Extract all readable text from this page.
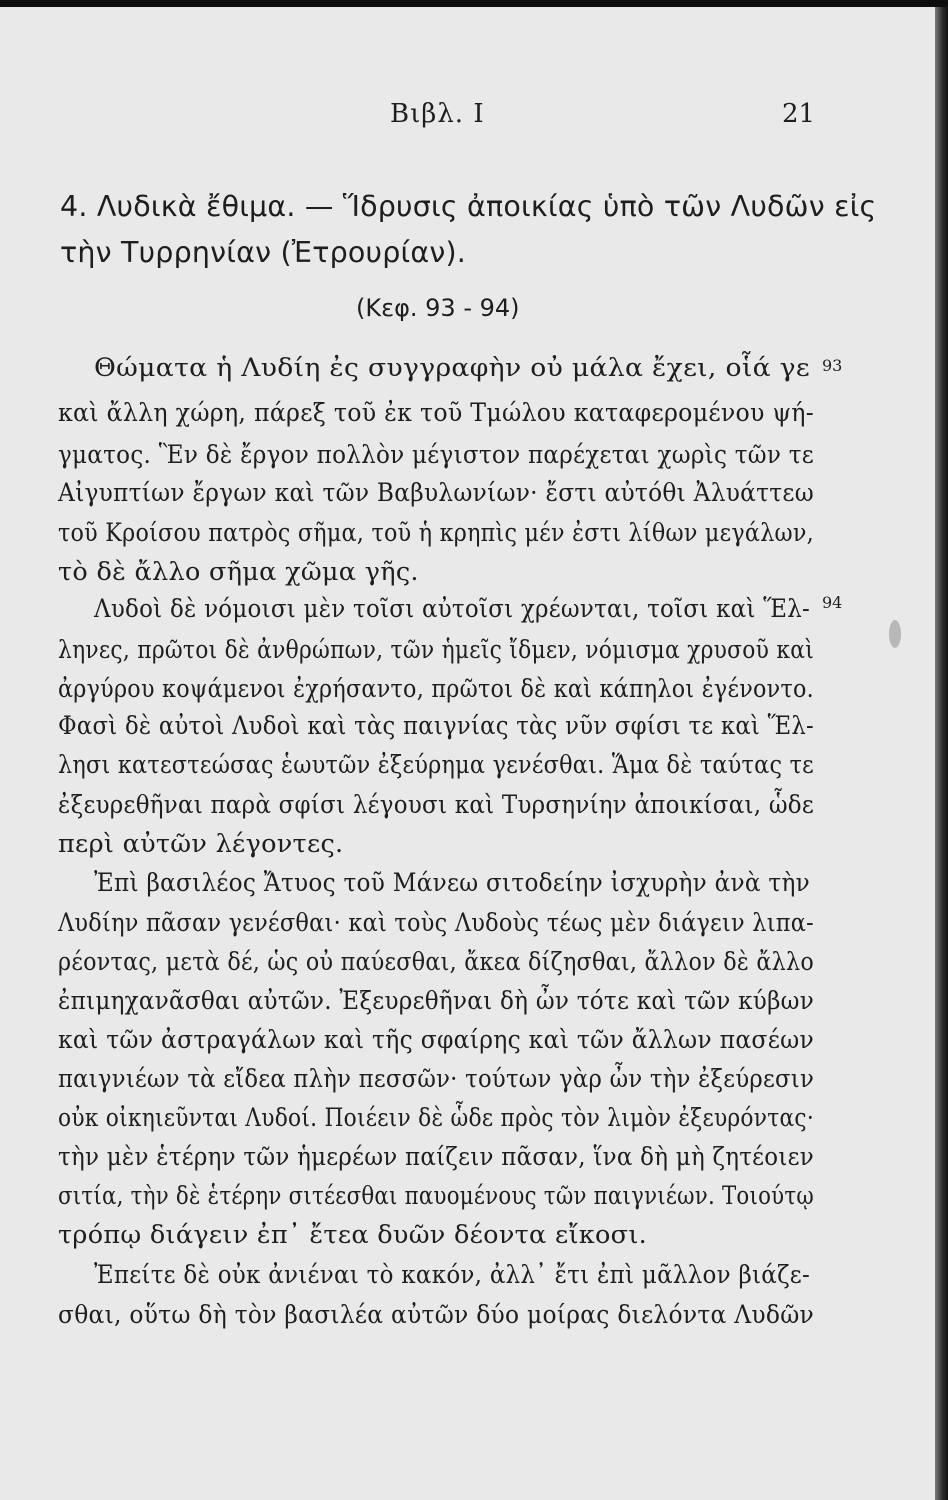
Βιβλ. Ι	21
4. Λυδικὰ ἔθιμα. — Ἵδρυσις ἀποικίας ὑπὸ τῶν Λυδῶν εἰς
τὴν Τυρρηνίαν (Ἐτρουρίαν).
(Κεφ. 93 - 94)
93
94
Θώματα ἡ Λυδίη ἐς συγγραφὴν οὐ μάλα ἔχει, οἷά γε
καὶ ἄλλη χώρη, πάρεξ τοῦ ἐκ τοῦ Τμώλου καταφερομένου ψή-
γματος. Ἓν δὲ ἔργον πολλὸν μέγιστον παρέχεται χωρὶς τῶν τε
Αἰγυπτίων ἔργων καὶ τῶν Βαβυλωνίων· ἔστι αὐτόθι Ἀλυάττεω
τοῦ Κροίσου πατρὸς σῆμα, τοῦ ἡ κρηπὶς μέν ἐστι λίθων μεγάλων,
τὸ δὲ ἄλλο σῆμα χῶμα γῆς.
Λυδοὶ δὲ νόμοισι μὲν τοῖσι αὐτοῖσι χρέωνται, τοῖσι καὶ Ἕλ-
ληνες, πρῶτοι δὲ ἀνθρώπων, τῶν ἡμεῖς ἴδμεν, νόμισμα χρυσοῦ καὶ
ἀργύρου κοψάμενοι ἐχρήσαντο, πρῶτοι δὲ καὶ κάπηλοι ἐγένοντο.
Φασὶ δὲ αὐτοὶ Λυδοὶ καὶ τὰς παιγνίας τὰς νῦν σφίσι τε καὶ Ἕλ-
λησι κατεστεώσας ἑωυτῶν ἐξεύρημα γενέσθαι. Ἅμα δὲ ταύτας τε
ἐξευρεθῆναι παρὰ σφίσι λέγουσι καὶ Τυρσηνίην ἀποικίσαι, ὧδε
περὶ αὐτῶν λέγοντες.
Ἐπὶ βασιλέος Ἄτυος τοῦ Μάνεω σιτοδείην ἰσχυρὴν ἀνὰ τὴν
Λυδίην πᾶσαν γενέσθαι· καὶ τοὺς Λυδοὺς τέως μὲν διάγειν λιπα-
ρέοντας, μετὰ δέ, ὡς οὐ παύεσθαι, ἄκεα δίζησθαι, ἄλλον δὲ ἄλλο
ἐπιμηχανᾶσθαι αὐτῶν. Ἐξευρεθῆναι δὴ ὦν τότε καὶ τῶν κύβων
καὶ τῶν ἀστραγάλων καὶ τῆς σφαίρης καὶ τῶν ἄλλων πασέων
παιγνιέων τὰ εἴδεα πλὴν πεσσῶν· τούτων γὰρ ὦν τὴν ἐξεύρεσιν
οὐκ οἰκηιεῦνται Λυδοί. Ποιέειν δὲ ὧδε πρὸς τὸν λιμὸν ἐξευρόντας·
τὴν μὲν ἑτέρην τῶν ἡμερέων παίζειν πᾶσαν, ἵνα δὴ μὴ ζητέοιεν
σιτία, τὴν δὲ ἑτέρην σιτέεσθαι παυομένους τῶν παιγνιέων. Τοιούτῳ
τρόπῳ διάγειν ἐπ᾽ ἔτεα δυῶν δέοντα εἴκοσι.
Ἐπείτε δὲ οὐκ ἀνιέναι τὸ κακόν, ἀλλ᾽ ἔτι ἐπὶ μᾶλλον βιάζε-
σθαι, οὕτω δὴ τὸν βασιλέα αὐτῶν δύο μοίρας διελόντα Λυδῶν
